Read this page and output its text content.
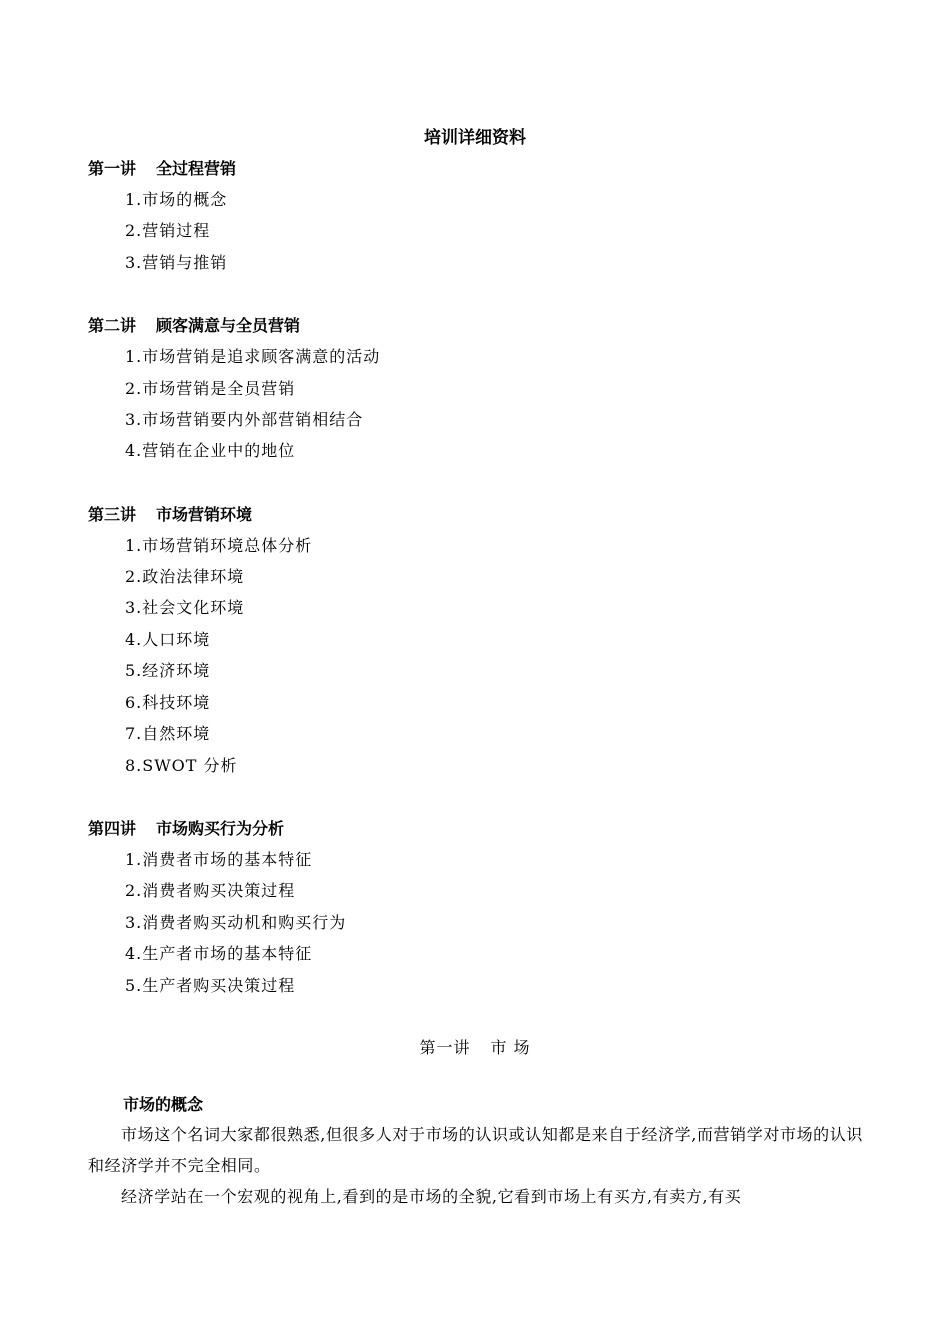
培训详细资料
第一讲 全过程营销
1.市场的概念
2.营销过程
3.营销与推销
第二讲 顾客满意与全员营销
1.市场营销是追求顾客满意的活动
2.市场营销是全员营销
3.市场营销要内外部营销相结合
4.营销在企业中的地位
第三讲 市场营销环境
1.市场营销环境总体分析
2.政治法律环境
3.社会文化环境
4.人口环境
5.经济环境
6.科技环境
7.自然环境
8.SWOT 分析
第四讲 市场购买行为分析
1.消费者市场的基本特征
2.消费者购买决策过程
3.消费者购买动机和购买行为
4.生产者市场的基本特征
5.生产者购买决策过程
第一讲 市 场
市场的概念
市场这个名词大家都很熟悉,但很多人对于市场的认识或认知都是来自于经济学,而营销学对市场的认识和经济学并不完全相同。
经济学站在一个宏观的视角上,看到的是市场的全貌,它看到市场上有买方,有卖方,有买
